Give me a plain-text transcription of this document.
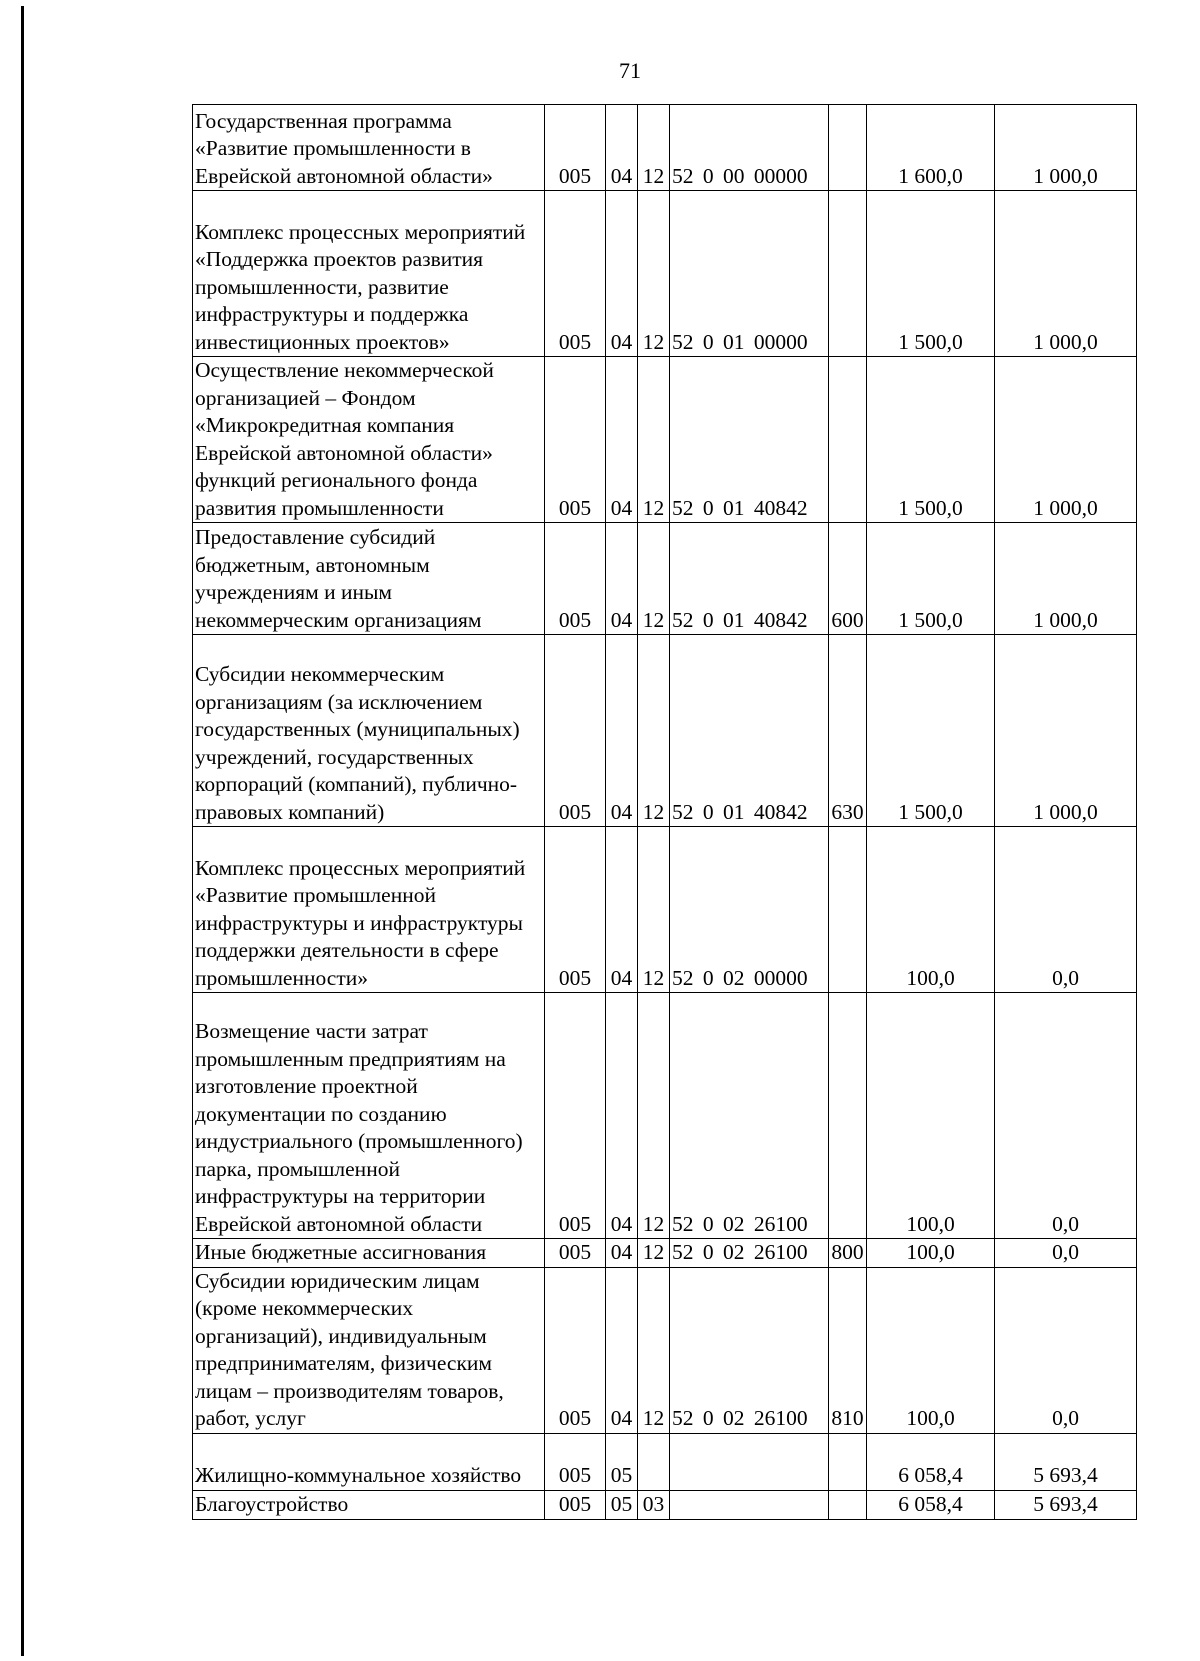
71
Государственная программа «Развитие промышленности в Еврейской автономной области»	005	04	12	52 0 00 00000		1 600,0	1 000,0
Комплекс процессных мероприятий «Поддержка проектов развития промышленности, развитие инфраструктуры и поддержка инвестиционных проектов»	005	04	12	52 0 01 00000		1 500,0	1 000,0
Осуществление некоммерческой организацией – Фондом «Микрокредитная компания Еврейской автономной области» функций регионального фонда развития промышленности	005	04	12	52 0 01 40842		1 500,0	1 000,0
Предоставление субсидий бюджетным, автономным учреждениям и иным некоммерческим организациям	005	04	12	52 0 01 40842	600	1 500,0	1 000,0
Субсидии некоммерческим организациям (за исключением государственных (муниципальных) учреждений, государственных корпораций (компаний), публично-правовых компаний)	005	04	12	52 0 01 40842	630	1 500,0	1 000,0
Комплекс процессных мероприятий «Развитие промышленной инфраструктуры и инфраструктуры поддержки деятельности в сфере промышленности»	005	04	12	52 0 02 00000		100,0	0,0
Возмещение части затрат промышленным предприятиям на изготовление проектной документации по созданию индустриального (промышленного) парка, промышленной инфраструктуры на территории Еврейской автономной области	005	04	12	52 0 02 26100		100,0	0,0
Иные бюджетные ассигнования	005	04	12	52 0 02 26100	800	100,0	0,0
Субсидии юридическим лицам (кроме некоммерческих организаций), индивидуальным предпринимателям, физическим лицам – производителям товаров, работ, услуг	005	04	12	52 0 02 26100	810	100,0	0,0
Жилищно-коммунальное хозяйство	005	05				6 058,4	5 693,4
Благоустройство	005	05	03			6 058,4	5 693,4
